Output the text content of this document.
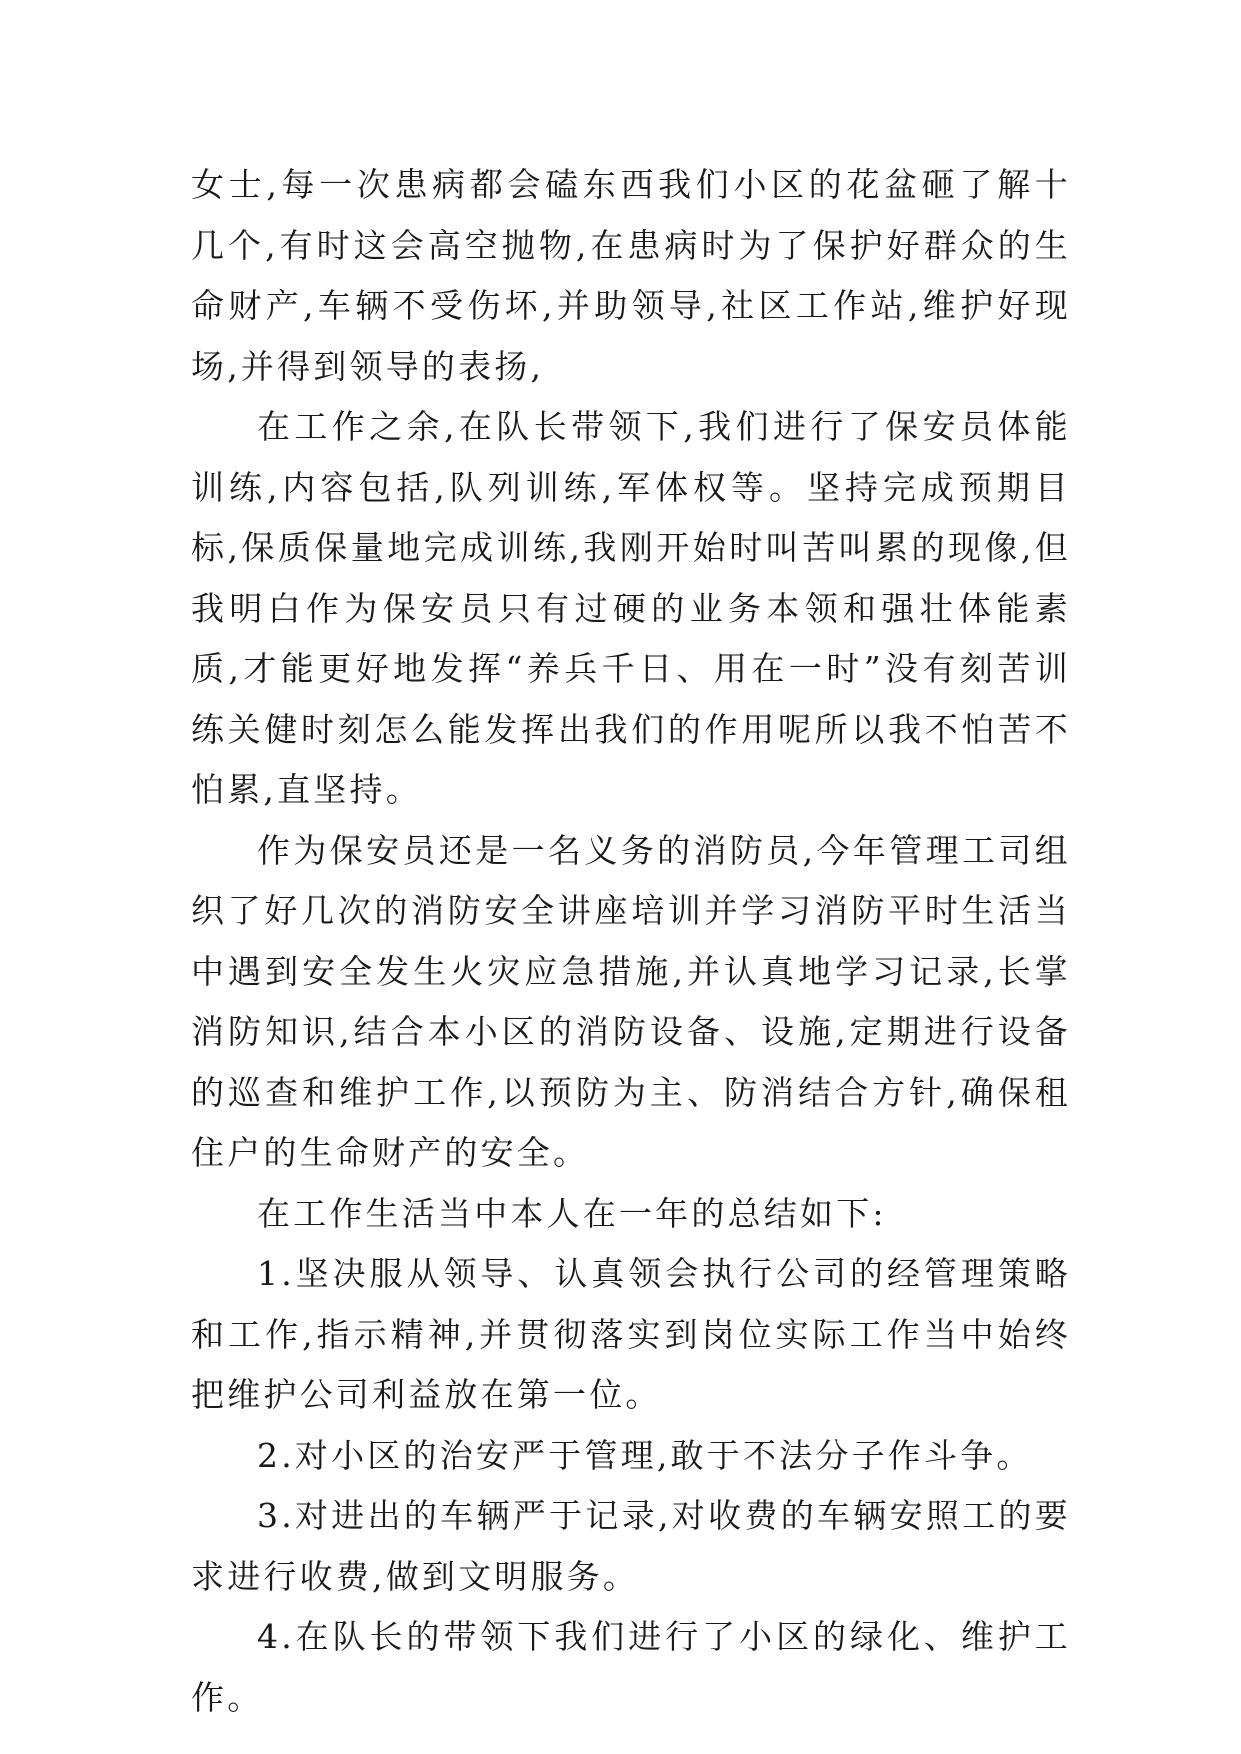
女士,每一次患病都会磕东西我们小区的花盆砸了解十几个,有时这会高空抛物,在患病时为了保护好群众的生命财产,车辆不受伤坏,并助领导,社区工作站,维护好现场,并得到领导的表扬,

在工作之余,在队长带领下,我们进行了保安员体能训练,内容包括,队列训练,军体权等。坚持完成预期目标,保质保量地完成训练,我刚开始时叫苦叫累的现像,但我明白作为保安员只有过硬的业务本领和强壮体能素质,才能更好地发挥“养兵千日、用在一时”没有刻苦训练关健时刻怎么能发挥出我们的作用呢所以我不怕苦不怕累,直坚持。

作为保安员还是一名义务的消防员,今年管理工司组织了好几次的消防安全讲座培训并学习消防平时生活当中遇到安全发生火灾应急措施,并认真地学习记录,长掌消防知识,结合本小区的消防设备、设施,定期进行设备的巡查和维护工作,以预防为主、防消结合方针,确保租住户的生命财产的安全。

在工作生活当中本人在一年的总结如下:

1.坚决服从领导、认真领会执行公司的经管理策略和工作,指示精神,并贯彻落实到岗位实际工作当中始终把维护公司利益放在第一位。

2.对小区的治安严于管理,敢于不法分子作斗争。

3.对进出的车辆严于记录,对收费的车辆安照工的要求进行收费,做到文明服务。

4.在队长的带领下我们进行了小区的绿化、维护工作。
